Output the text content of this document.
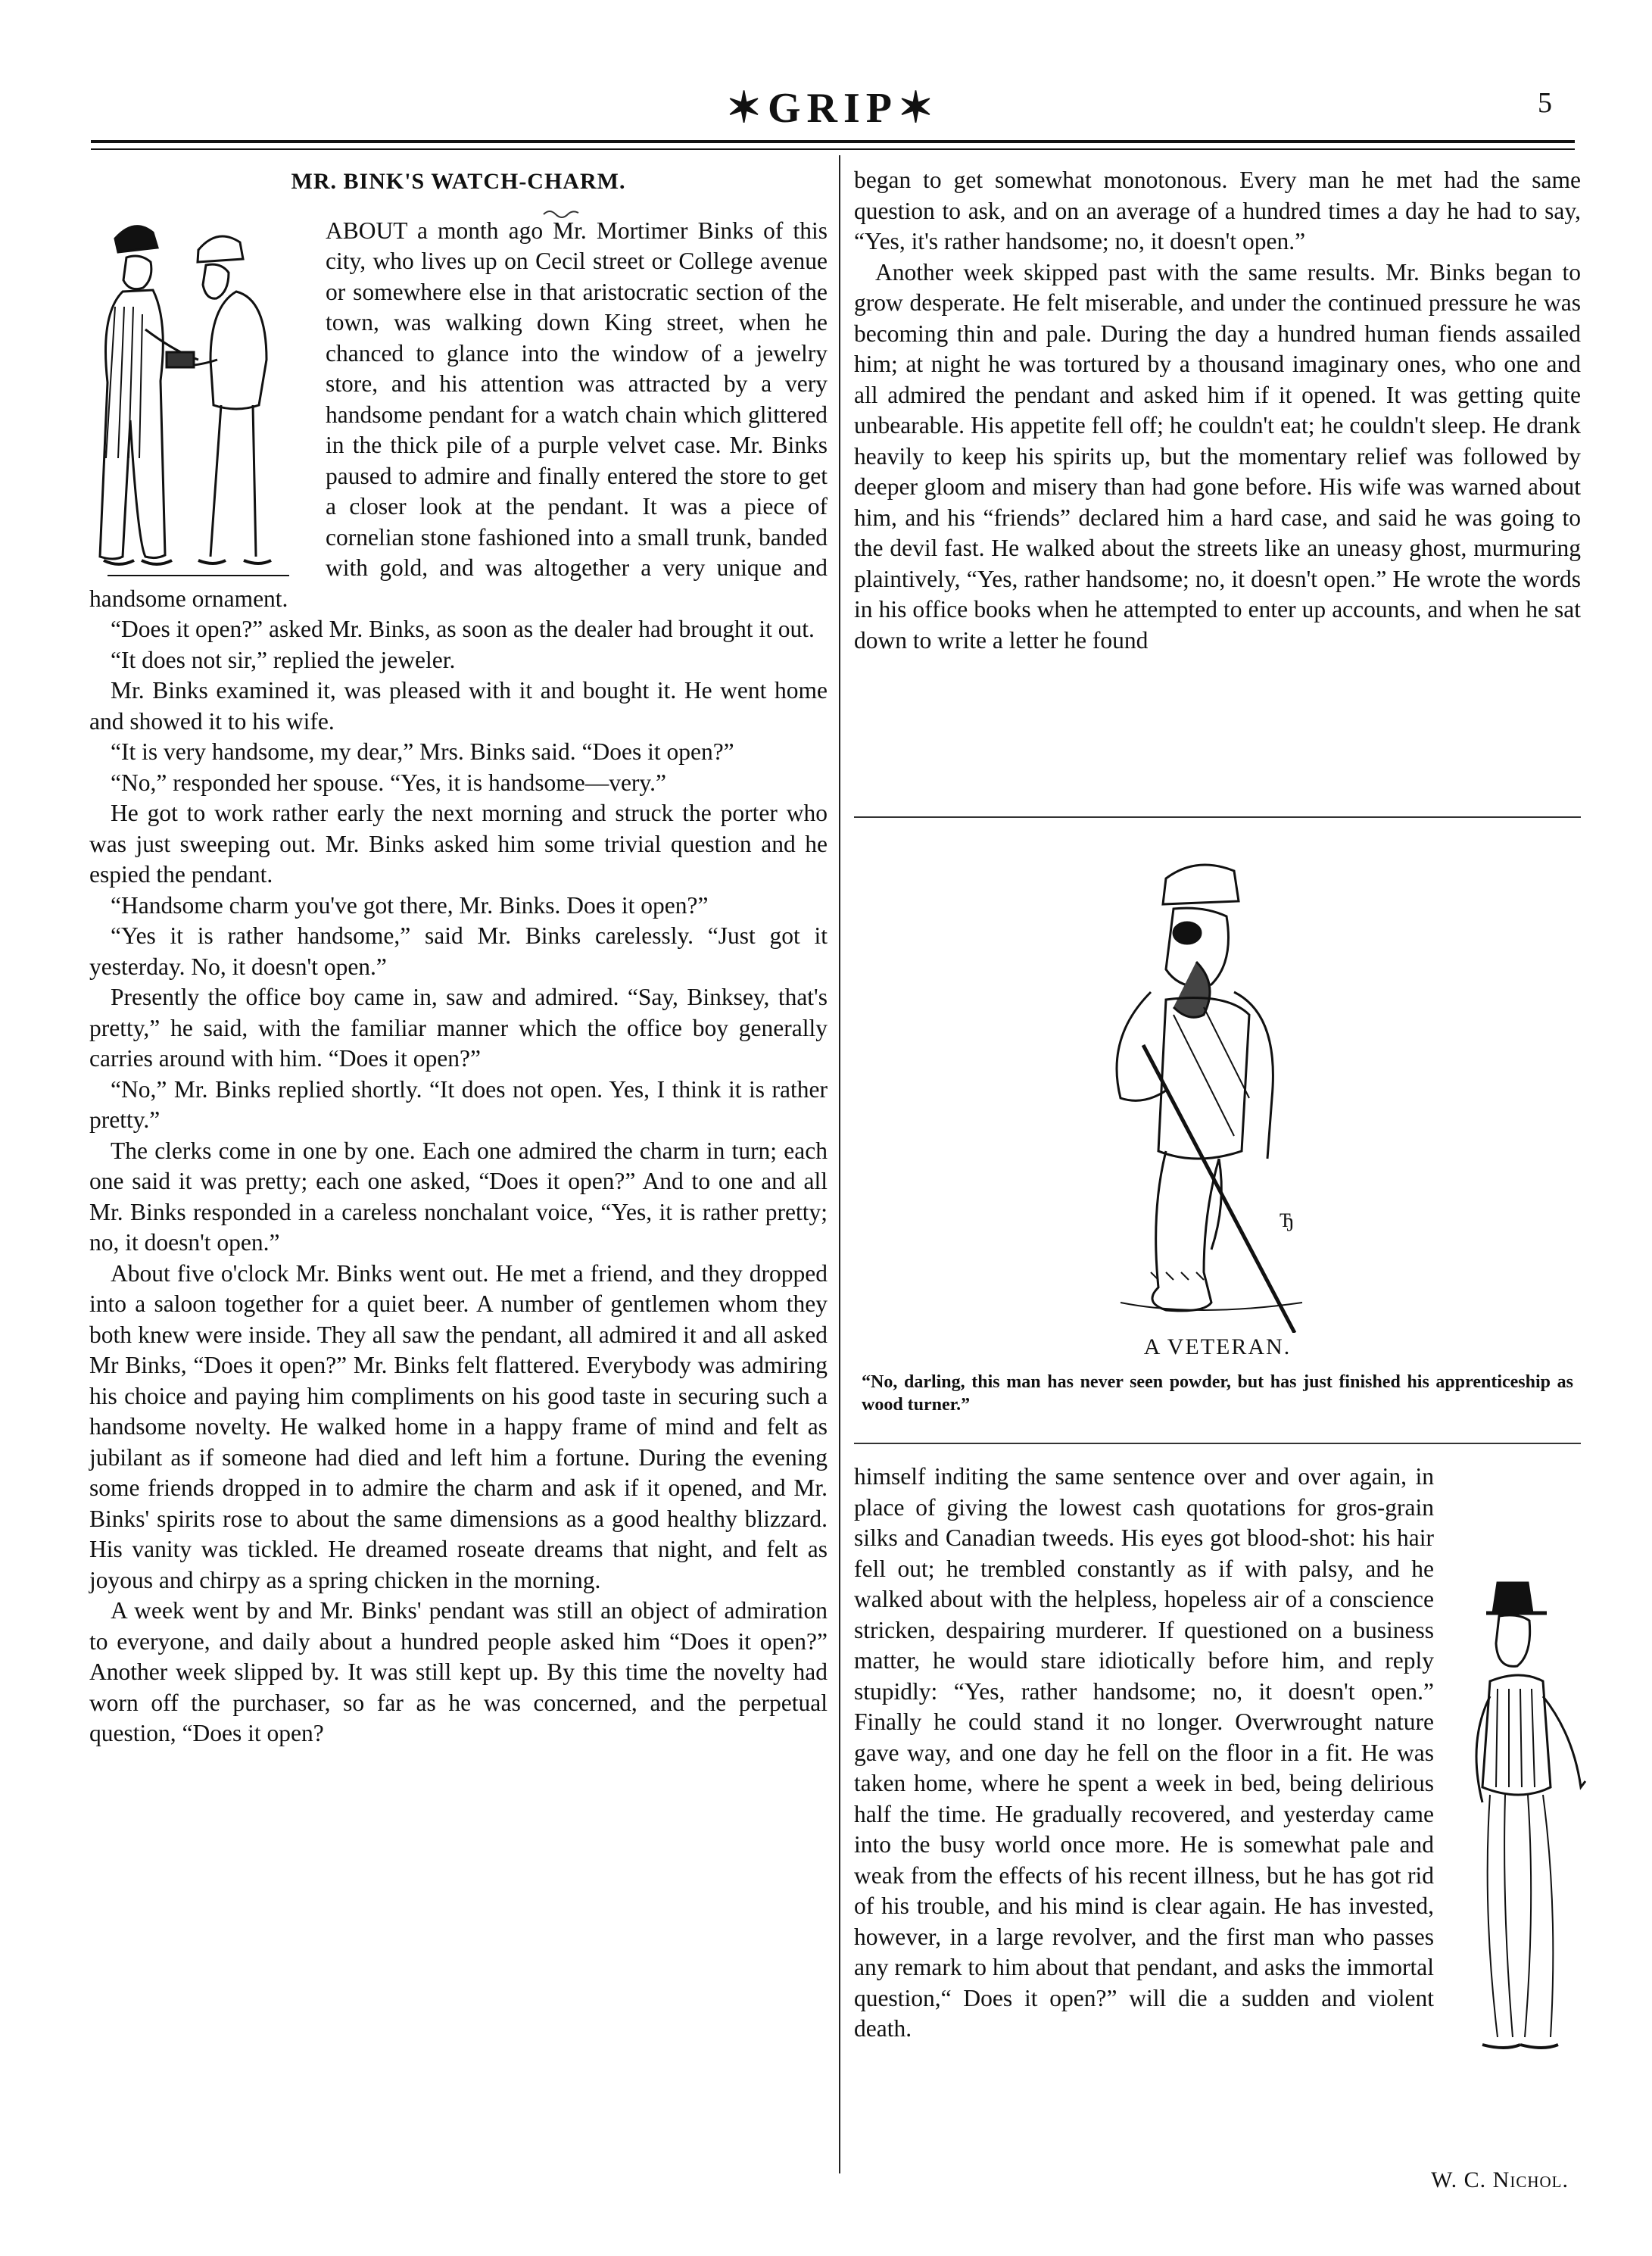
✶GRIP✶	5

MR. BINK'S WATCH-CHARM.

ABOUT a month ago Mr. Mortimer Binks of this city, who lives up on Cecil street or College avenue or somewhere else in that aristocratic section of the town, was walking down King street, when he chanced to glance into the window of a jewelry store, and his attention was attracted by a very handsome pendant for a watch chain which glittered in the thick pile of a purple velvet case. Mr. Binks paused to admire and finally entered the store to get a closer look at the pendant. It was a piece of cornelian stone fashioned into a small trunk, banded with gold, and was altogether a very unique and handsome ornament.

“Does it open?” asked Mr. Binks, as soon as the dealer had brought it out.

“It does not sir,” replied the jeweler.

Mr. Binks examined it, was pleased with it and bought it. He went home and showed it to his wife.

“It is very handsome, my dear,” Mrs. Binks said. “Does it open?”

“No,” responded her spouse. “Yes, it is handsome—very.”

He got to work rather early the next morning and struck the porter who was just sweeping out. Mr. Binks asked him some trivial question and he espied the pendant.

“Handsome charm you've got there, Mr. Binks. Does it open?”

“Yes it is rather handsome,” said Mr. Binks carelessly. “Just got it yesterday. No, it doesn't open.”

Presently the office boy came in, saw and admired. “Say, Binksey, that's pretty,” he said, with the familiar manner which the office boy generally carries around with him. “Does it open?”

“No,” Mr. Binks replied shortly. “It does not open. Yes, I think it is rather pretty.”

The clerks come in one by one. Each one admired the charm in turn; each one said it was pretty; each one asked, “Does it open?” And to one and all Mr. Binks responded in a careless nonchalant voice, “Yes, it is rather pretty; no, it doesn't open.”

About five o'clock Mr. Binks went out. He met a friend, and they dropped into a saloon together for a quiet beer. A number of gentlemen whom they both knew were inside. They all saw the pendant, all admired it and all asked Mr Binks, “Does it open?” Mr. Binks felt flattered. Everybody was admiring his choice and paying him compliments on his good taste in securing such a handsome novelty. He walked home in a happy frame of mind and felt as jubilant as if someone had died and left him a fortune. During the evening some friends dropped in to admire the charm and ask if it opened, and Mr. Binks' spirits rose to about the same dimensions as a good healthy blizzard. His vanity was tickled. He dreamed roseate dreams that night, and felt as joyous and chirpy as a spring chicken in the morning.

A week went by and Mr. Binks' pendant was still an object of admiration to everyone, and daily about a hundred people asked him “Does it open?” Another week slipped by. It was still kept up. By this time the novelty had worn off the purchaser, so far as he was concerned, and the perpetual question, “Does it open?

began to get somewhat monotonous. Every man he met had the same question to ask, and on an average of a hundred times a day he had to say, “Yes, it's rather handsome; no, it doesn't open.”

Another week skipped past with the same results. Mr. Binks began to grow desperate. He felt miserable, and under the continued pressure he was becoming thin and pale. During the day a hundred human fiends assailed him; at night he was tortured by a thousand imaginary ones, who one and all admired the pendant and asked him if it opened. It was getting quite unbearable. His appetite fell off; he couldn't eat; he couldn't sleep. He drank heavily to keep his spirits up, but the momentary relief was followed by deeper gloom and misery than had gone before. His wife was warned about him, and his “friends” declared him a hard case, and said he was going to the devil fast. He walked about the streets like an uneasy ghost, murmuring plaintively, “Yes, rather handsome; no, it doesn't open.” He wrote the words in his office books when he attempted to enter up accounts, and when he sat down to write a letter he found

Ђ
A VETERAN.
“No, darling, this man has never seen powder, but has just finished his apprenticeship as wood turner.”

himself inditing the same sentence over and over again, in place of giving the lowest cash quotations for gros-grain silks and Canadian tweeds. His eyes got blood-shot: his hair fell out; he trembled constantly as if with palsy, and he walked about with the helpless, hopeless air of a conscience stricken, despairing murderer. If questioned on a business matter, he would stare idiotically before him, and reply stupidly: “Yes, rather handsome; no, it doesn't open.” Finally he could stand it no longer. Overwrought nature gave way, and one day he fell on the floor in a fit. He was taken home, where he spent a week in bed, being delirious half the time. He gradually recovered, and yesterday came into the busy world once more. He is somewhat pale and weak from the effects of his recent illness, but he has got rid of his trouble, and his mind is clear again. He has invested, however, in a large revolver, and the first man who passes any remark to him about that pendant, and asks the immortal question,“ Does it open?” will die a sudden and violent death.

W. C. Nichol.
